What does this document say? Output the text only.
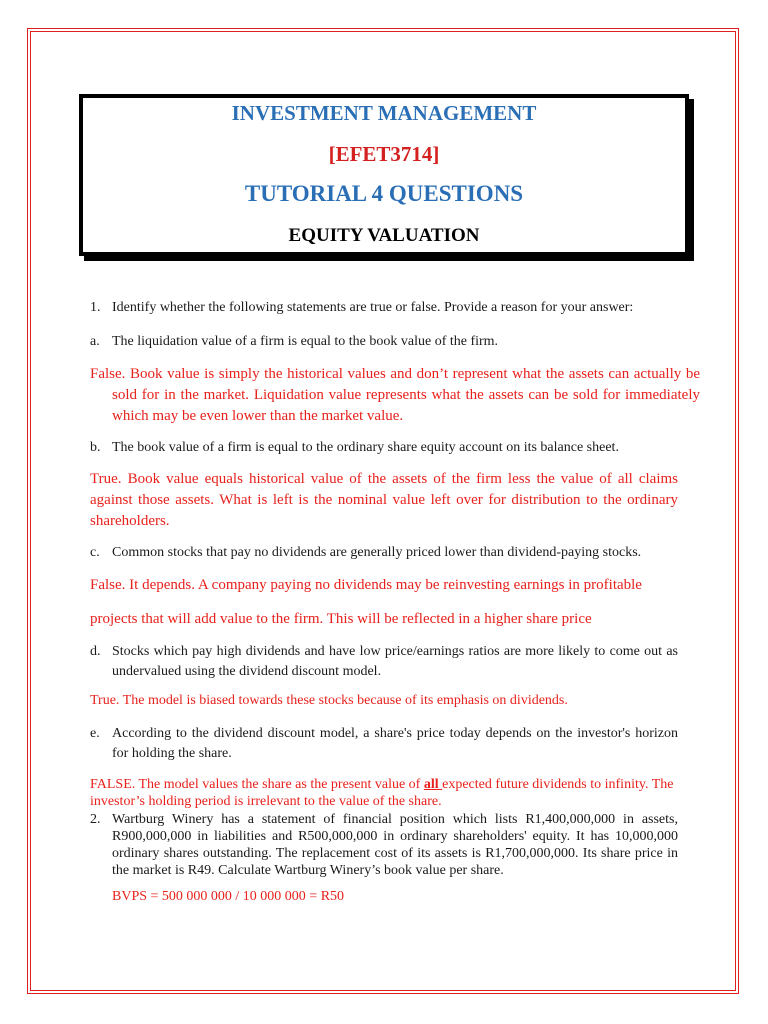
INVESTMENT MANAGEMENT
[EFET3714]
TUTORIAL 4 QUESTIONS
EQUITY VALUATION
1. Identify whether the following statements are true or false. Provide a reason for your answer:
a. The liquidation value of a firm is equal to the book value of the firm.
False. Book value is simply the historical values and don’t represent what the assets can actually be sold for in the market. Liquidation value represents what the assets can be sold for immediately which may be even lower than the market value.
b. The book value of a firm is equal to the ordinary share equity account on its balance sheet.
True. Book value equals historical value of the assets of the firm less the value of all claims against those assets. What is left is the nominal value left over for distribution to the ordinary shareholders.
c. Common stocks that pay no dividends are generally priced lower than dividend-paying stocks.
False. It depends. A company paying no dividends may be reinvesting earnings in profitable
projects that will add value to the firm. This will be reflected in a higher share price
d. Stocks which pay high dividends and have low price/earnings ratios are more likely to come out as undervalued using the dividend discount model.
True. The model is biased towards these stocks because of its emphasis on dividends.
e. According to the dividend discount model, a share's price today depends on the investor's horizon for holding the share.
FALSE. The model values the share as the present value of all expected future dividends to infinity. The investor’s holding period is irrelevant to the value of the share.
2. Wartburg Winery has a statement of financial position which lists R1,400,000,000 in assets, R900,000,000 in liabilities and R500,000,000 in ordinary shareholders' equity. It has 10,000,000 ordinary shares outstanding. The replacement cost of its assets is R1,700,000,000. Its share price in the market is R49. Calculate Wartburg Winery’s book value per share.
BVPS = 500 000 000 / 10 000 000 = R50
